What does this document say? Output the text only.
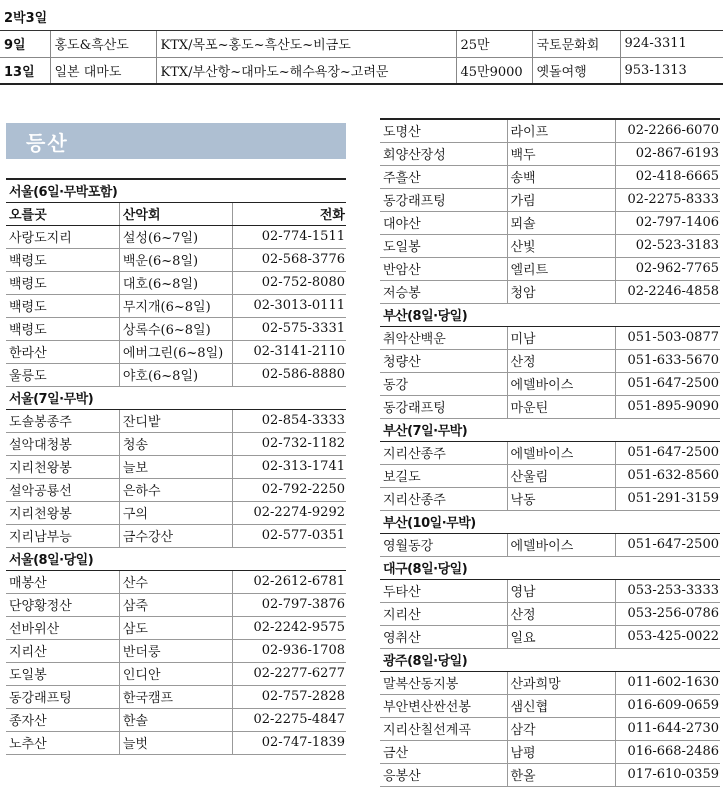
2박3일					
9일	홍도&흑산도	KTX/목포~홍도~흑산도~비금도	25만	국토문화회	924-3311
13일	일본 대마도	KTX/부산항~대마도~해수욕장~고려문	45만9000	옛돌여행	953-1313
등산
서울(6일·무박포함)		
오를곳	산악회	전화
사랑도지리	설성(6~7일)	02-774-1511
백령도	백운(6~8일)	02-568-3776
백령도	대호(6~8일)	02-752-8080
백령도	무지개(6~8일)	02-3013-0111
백령도	상록수(6~8일)	02-575-3331
한라산	에버그린(6~8일)	02-3141-2110
울릉도	야호(6~8일)	02-586-8880
서울(7일·무박)		
도솔봉종주	잔디밭	02-854-3333
설악대청봉	청송	02-732-1182
지리천왕봉	늘보	02-313-1741
설악공룡선	은하수	02-792-2250
지리천왕봉	구의	02-2274-9292
지리남부능	금수강산	02-577-0351
서울(8일·당일)		
매봉산	산수	02-2612-6781
단양황정산	삼죽	02-797-3876
선바위산	삼도	02-2242-9575
지리산	반더룽	02-936-1708
도일봉	인디안	02-2277-6277
동강래프팅	한국캠프	02-757-2828
종자산	한솔	02-2275-4847
노추산	늘벗	02-747-1839
도명산	라이프	02-2266-6070
회양산장성	백두	02-867-6193
주흘산	송백	02-418-6665
동강래프팅	가림	02-2275-8333
대야산	뫼솔	02-797-1406
도일봉	산빛	02-523-3183
반암산	엘리트	02-962-7765
저승봉	청암	02-2246-4858
부산(8일·당일)		
취악산백운	미남	051-503-0877
청량산	산정	051-633-5670
동강	에델바이스	051-647-2500
동강래프팅	마운틴	051-895-9090
부산(7일·무박)		
지리산종주	에델바이스	051-647-2500
보길도	산울림	051-632-8560
지리산종주	낙동	051-291-3159
부산(10일·무박)		
영월동강	에델바이스	051-647-2500
대구(8일·당일)		
두타산	영남	053-253-3333
지리산	산정	053-256-0786
영취산	일요	053-425-0022
광주(8일·당일)		
말복산동지봉	산과희망	011-602-1630
부안변산싼선봉	샘신협	016-609-0659
지리산칠선계곡	삼각	011-644-2730
금산	남평	016-668-2486
응봉산	한올	017-610-0359
